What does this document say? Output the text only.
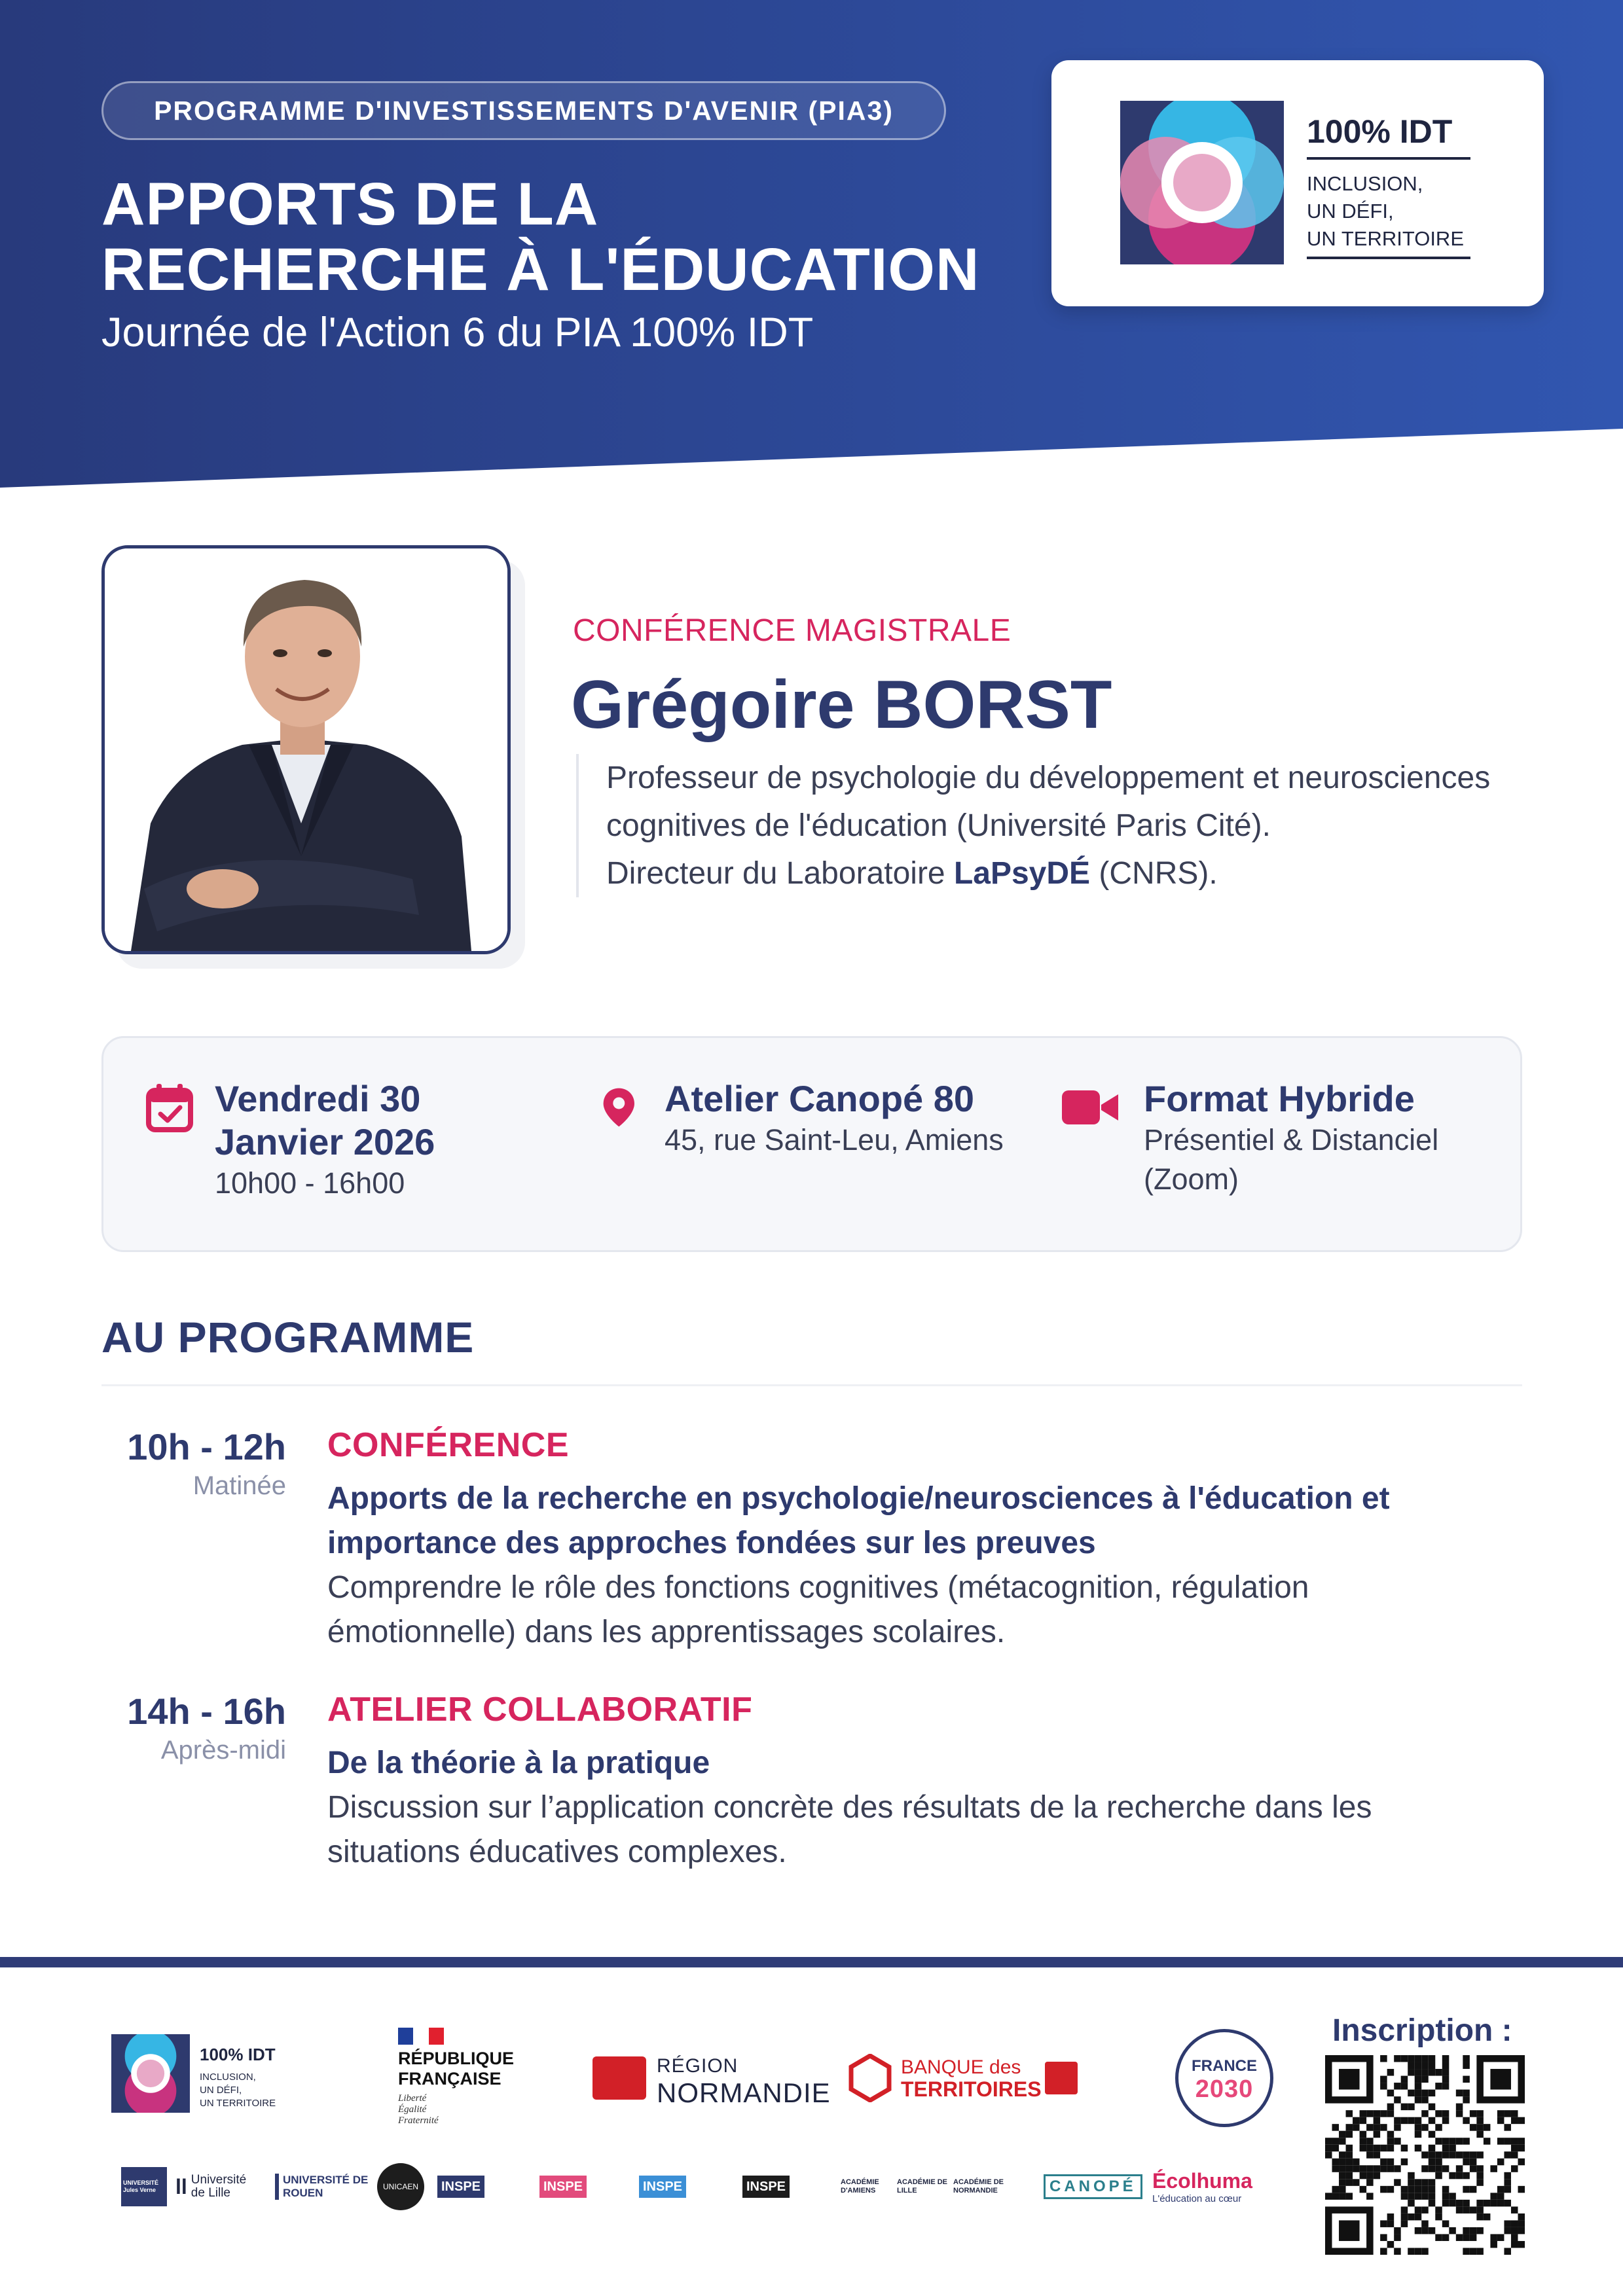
PROGRAMME D'INVESTISSEMENTS D'AVENIR (PIA3)
APPORTS DE LA
RECHERCHE À L'ÉDUCATION
Journée de l'Action 6 du PIA 100% IDT
100% IDT
INCLUSION,
UN DÉFI,
UN TERRITOIRE
CONFÉRENCE MAGISTRALE
Grégoire BORST
Professeur de psychologie du développement et neurosciences
cognitives de l'éducation (Université Paris Cité).
Directeur du Laboratoire LaPsyDÉ (CNRS).
Vendredi 30
Janvier 2026
10h00 - 16h00
Atelier Canopé 80
45, rue Saint-Leu, Amiens
Format Hybride
Présentiel & Distanciel
(Zoom)
AU PROGRAMME
10h - 12h
Matinée
CONFÉRENCE
Apports de la recherche en psychologie/neurosciences à l'éducation et
importance des approches fondées sur les preuves
Comprendre le rôle des fonctions cognitives (métacognition, régulation
émotionnelle) dans les apprentissages scolaires.
14h - 16h
Après-midi
ATELIER COLLABORATIF
De la théorie à la pratique
Discussion sur l’application concrète des résultats de la recherche dans les
situations éducatives complexes.
100% IDT
INCLUSION,
UN DÉFI,
UN TERRITOIRE
RÉPUBLIQUE
FRANÇAISE
Liberté
Égalité
Fraternité
RÉGION
NORMANDIE
BANQUE des
TERRITOIRES
FRANCE
2030
Inscription :
UNIVERSITÉ Jules Verne ll Université de Lille
UNIVERSITÉ DE ROUEN	UNICAEN	INSPE	INSPE	INSPE	INSPE	ACADÉMIE D'AMIENS
ACADÉMIE DE LILLE
ACADÉMIE DE NORMANDIE	CANOPÉ Écolhuma
L'éducation au cœur
